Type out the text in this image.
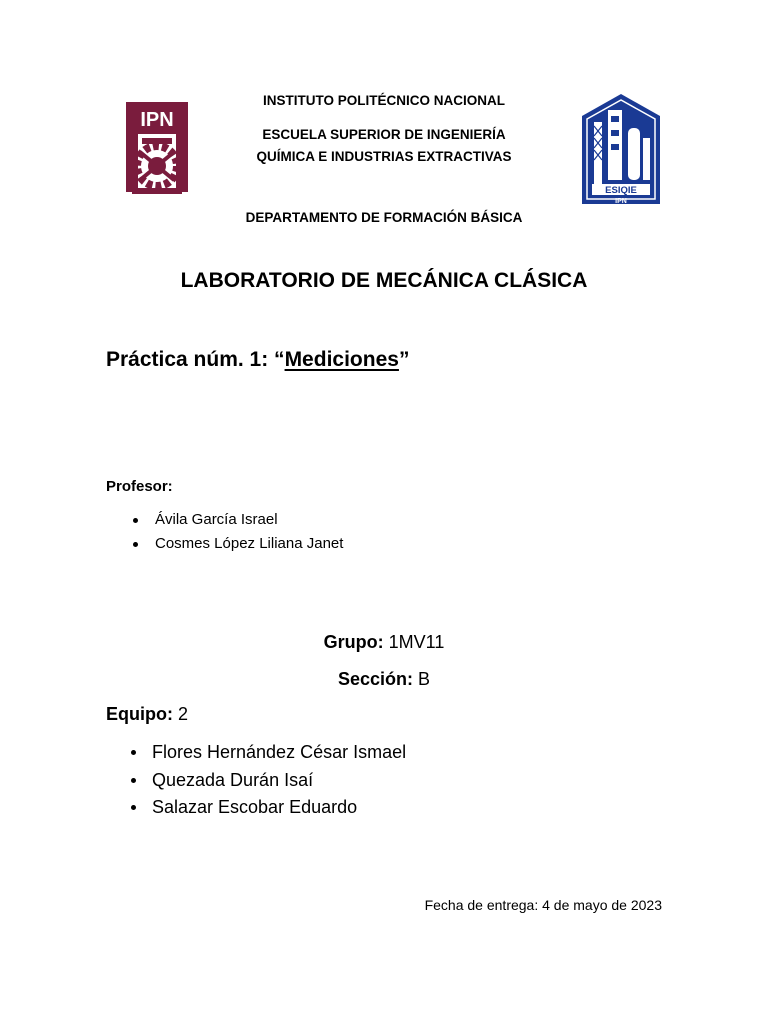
IPN
ESIQIE
IPN
INSTITUTO POLITÉCNICO NACIONAL
ESCUELA SUPERIOR DE INGENIERÍA
QUÍMICA E INDUSTRIAS EXTRACTIVAS
DEPARTAMENTO DE FORMACIÓN BÁSICA
LABORATORIO DE MECÁNICA CLÁSICA
Práctica núm. 1: “Mediciones”
Profesor:
Ávila García Israel
Cosmes López Liliana Janet
Grupo: 1MV11
Sección: B
Equipo: 2
Flores Hernández César Ismael
Quezada Durán Isaí
Salazar Escobar Eduardo
Fecha de entrega: 4 de mayo de 2023
